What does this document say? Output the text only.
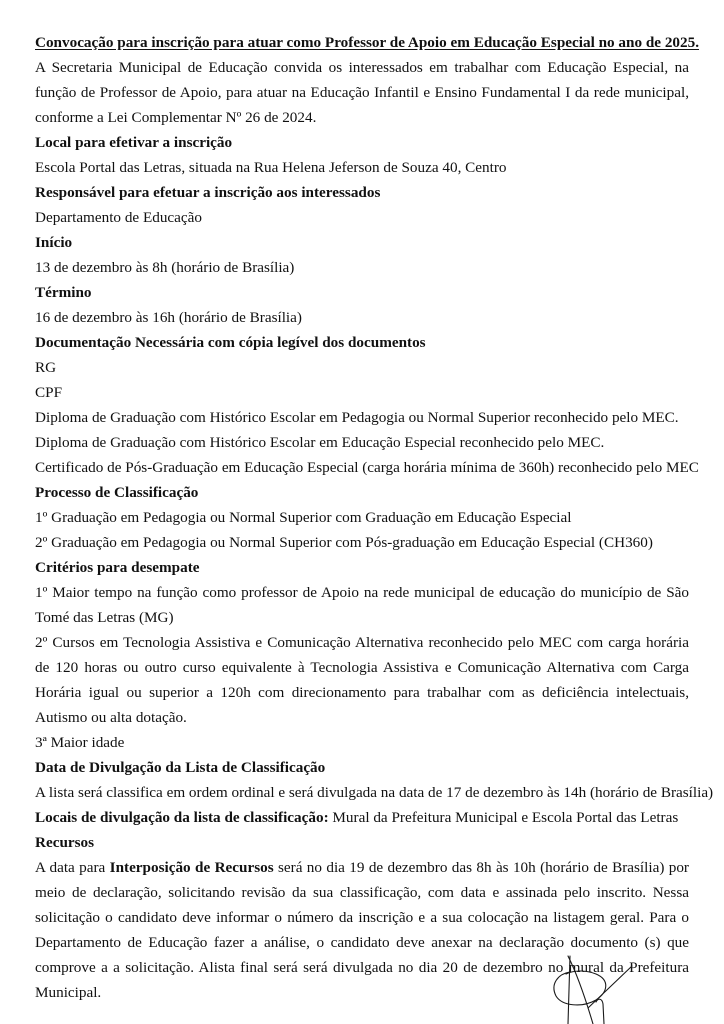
Convocação para inscrição para atuar como Professor de Apoio em Educação Especial no ano de 2025.

A Secretaria Municipal de Educação convida os interessados em trabalhar com Educação Especial, na função de Professor de Apoio, para atuar na Educação Infantil e Ensino Fundamental I da rede municipal, conforme a Lei Complementar Nº 26 de 2024.

Local para efetivar a inscrição

Escola Portal das Letras, situada na Rua Helena Jeferson de Souza 40, Centro

Responsável para efetuar a inscrição aos interessados

Departamento de Educação

Início

13 de dezembro às 8h (horário de Brasília)

Término

16 de dezembro às 16h (horário de Brasília)

Documentação Necessária com cópia legível dos documentos

RG

CPF

Diploma de Graduação com Histórico Escolar em Pedagogia ou Normal Superior reconhecido pelo MEC.

Diploma de Graduação com Histórico Escolar em Educação Especial reconhecido pelo MEC.

Certificado de Pós-Graduação em Educação Especial (carga horária mínima de 360h) reconhecido pelo MEC

Processo de Classificação

1º Graduação em Pedagogia ou Normal Superior com Graduação em Educação Especial

2º Graduação em Pedagogia ou Normal Superior com Pós-graduação em Educação Especial (CH360)

Critérios para desempate

1º Maior tempo na função como professor de Apoio na rede municipal de educação do município de São Tomé das Letras (MG)

2º Cursos em Tecnologia Assistiva e Comunicação Alternativa reconhecido pelo MEC com carga horária de 120 horas ou outro curso equivalente à Tecnologia Assistiva e Comunicação Alternativa com Carga Horária igual ou superior a 120h com direcionamento para trabalhar com as deficiência intelectuais, Autismo ou alta dotação.

3ª Maior idade

Data de Divulgação da Lista de Classificação

A lista será classifica em ordem ordinal e será divulgada na data de 17 de dezembro às 14h (horário de Brasília)

Locais de divulgação da lista de classificação: Mural da Prefeitura Municipal e Escola Portal das Letras

Recursos

A data para Interposição de Recursos será no dia 19 de dezembro das 8h às 10h (horário de Brasília) por meio de declaração, solicitando revisão da sua classificação, com data e assinada pelo inscrito. Nessa solicitação o candidato deve informar o número da inscrição e a sua colocação na listagem geral. Para o Departamento de Educação fazer a análise, o candidato deve anexar na declaração documento (s) que comprove a a solicitação. Alista final será será divulgada no dia 20 de dezembro no mural da Prefeitura Municipal.
